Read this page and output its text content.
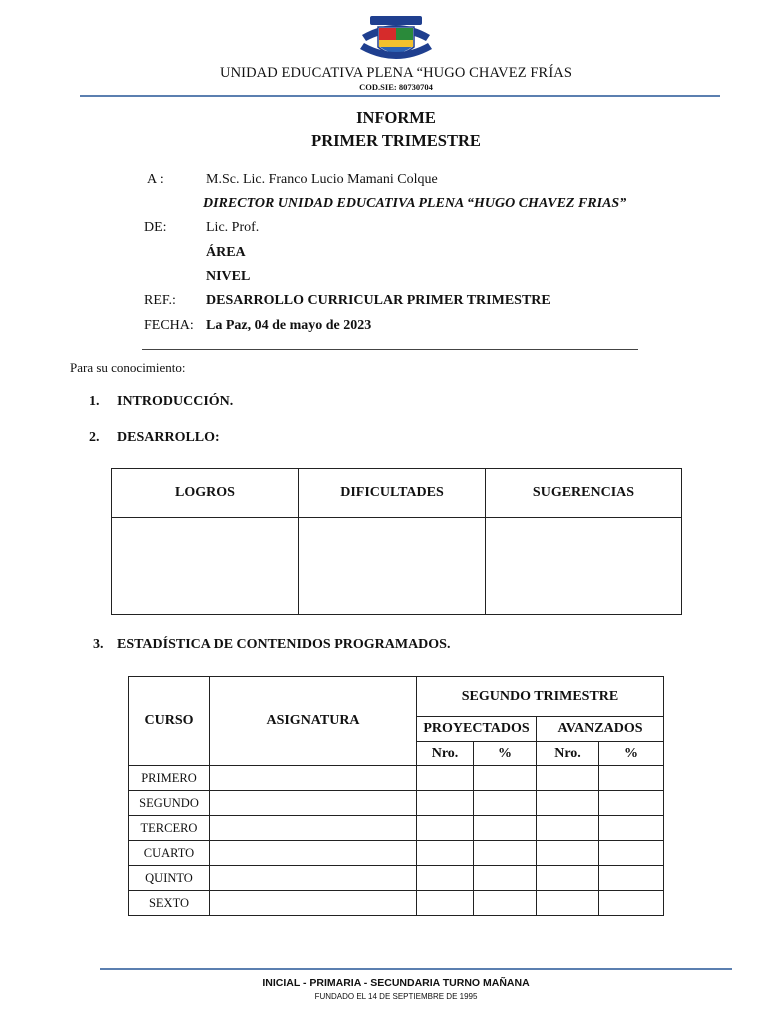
UNIDAD EDUCATIVA PLENA “HUGO CHAVEZ FRÍAS
COD.SIE: 80730704
INFORME
PRIMER TRIMESTRE
A :	M.Sc. Lic. Franco Lucio Mamani Colque
DIRECTOR UNIDAD EDUCATIVA PLENA “HUGO CHAVEZ FRIAS”
DE:	Lic. Prof.
ÁREA
NIVEL
REF.: DESARROLLO CURRICULAR PRIMER TRIMESTRE
FECHA: La Paz, 04 de mayo de 2023
Para su conocimiento:
1. INTRODUCCIÓN.
2. DESARROLLO:
LOGROS	DIFICULTADES	SUGERENCIAS

3. ESTADÍSTICA DE CONTENIDOS PROGRAMADOS.
CURSO	ASIGNATURA	SEGUNDO TRIMESTRE			
		PROYECTADOS		AVANZADOS	
		Nro.	%	Nro.	%
PRIMERO					
SEGUNDO					
TERCERO					
CUARTO					
QUINTO					
SEXTO					
INICIAL - PRIMARIA - SECUNDARIA TURNO MAÑANA
FUNDADO EL 14 DE SEPTIEMBRE DE 1995
